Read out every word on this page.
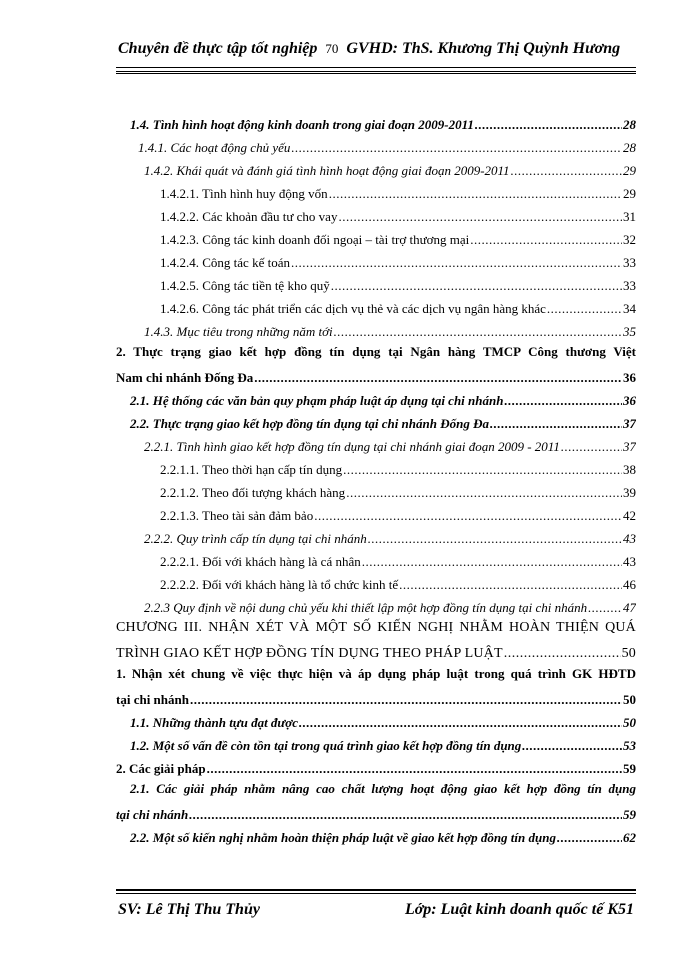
Chuyên đề thực tập tốt nghiệp 70 GVHD: ThS. Khương Thị Quỳnh Hương
1.4. Tình hình hoạt động kinh doanh trong giai đoạn 2009-2011 .....	28
1.4.1. Các hoạt động chủ yếu .....	28
1.4.2. Khái quát và đánh giá tình hình hoạt động giai đoạn 2009-2011 .....	29
1.4.2.1. Tình hình huy động vốn .....	29
1.4.2.2. Các khoản đầu tư cho vay .....	31
1.4.2.3. Công tác kinh doanh đối ngoại – tài trợ thương mại .....	32
1.4.2.4. Công tác kế toán .....	33
1.4.2.5. Công tác tiền tệ kho quỹ .....	33
1.4.2.6. Công tác phát triển các dịch vụ thẻ và các dịch vụ ngân hàng khác .....	34
1.4.3. Mục tiêu trong những năm tới .....	35
2. Thực trạng giao kết hợp đồng tín dụng tại Ngân hàng TMCP Công thương Việt
Nam chi nhánh Đống Đa .....	36
2.1. Hệ thống các văn bản quy phạm pháp luật áp dụng tại chi nhánh .....	36
2.2. Thực trạng giao kết hợp đồng tín dụng tại chi nhánh Đống Đa .....	37
2.2.1. Tình hình giao kết hợp đồng tín dụng tại chi nhánh giai đoạn 2009 - 2011 .....	37
2.2.1.1. Theo thời hạn cấp tín dụng .....	38
2.2.1.2. Theo đối tượng khách hàng .....	39
2.2.1.3. Theo tài sản đảm bảo .....	42
2.2.2. Quy trình cấp tín dụng tại chi nhánh .....	43
2.2.2.1. Đối với khách hàng là cá nhân .....	43
2.2.2.2. Đối với khách hàng là tổ chức kinh tế .....	46
2.2.3 Quy định về nội dung chủ yếu khi thiết lập một hợp đồng tín dụng tại chi nhánh .....	47
CHƯƠNG III. NHẬN XÉT VÀ MỘT SỐ KIẾN NGHỊ NHẰM HOÀN THIỆN QUÁ
TRÌNH GIAO KẾT HỢP ĐỒNG TÍN DỤNG THEO PHÁP LUẬT .....	50
1. Nhận xét chung về việc thực hiện và áp dụng pháp luật trong quá trình GK HĐTD
tại chi nhánh .....	50
1.1. Những thành tựu đạt được .....	50
1.2. Một số vấn đề còn tồn tại trong quá trình giao kết hợp đồng tín dụng .....	53
2. Các giải pháp .....	59
2.1. Các giải pháp nhằm nâng cao chất lượng hoạt động giao kết hợp đồng tín dụng
tại chi nhánh .....	59
2.2. Một số kiến nghị nhằm hoàn thiện pháp luật về giao kết hợp đồng tín dụng .....	62
SV: Lê Thị Thu Thủy	Lớp: Luật kinh doanh quốc tế K51
